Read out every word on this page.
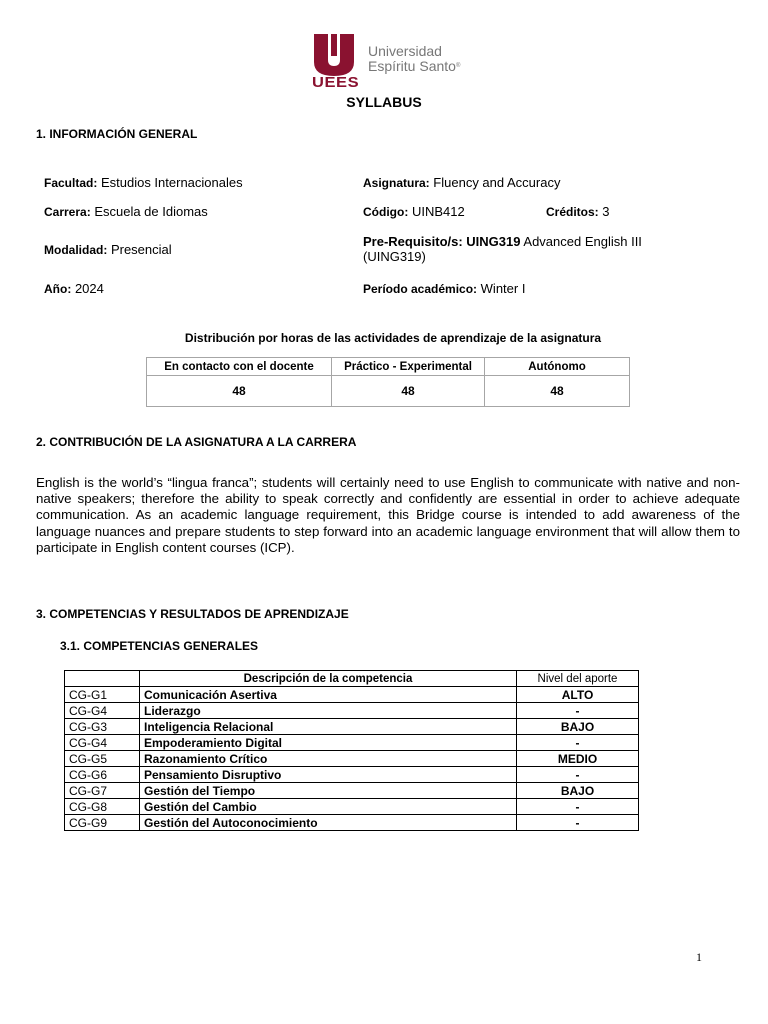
UEES
Universidad
Espíritu Santo®
SYLLABUS
1. INFORMACIÓN GENERAL
Facultad: Estudios Internacionales	Asignatura: Fluency and Accuracy
Carrera: Escuela de Idiomas	Código: UINB412	Créditos: 3
Modalidad: Presencial
Pre-Requisito/s: UING319 Advanced English III (UING319)
Año: 2024	Período académico: Winter I
Distribución por horas de las actividades de aprendizaje de la asignatura
En contacto con el docente	Práctico - Experimental	Autónomo
48	48	48
2. CONTRIBUCIÓN DE LA ASIGNATURA A LA CARRERA
English is the world’s “lingua franca”; students will certainly need to use English to communicate with native and non-native speakers; therefore the ability to speak correctly and confidently are essential in order to achieve adequate communication. As an academic language requirement, this Bridge course is intended to add awareness of the language nuances and prepare students to step forward into an academic language environment that will allow them to participate in English content courses (ICP).
3. COMPETENCIAS Y RESULTADOS DE APRENDIZAJE
3.1. COMPETENCIAS GENERALES
	Descripción de la competencia	Nivel del aporte
CG-G1	Comunicación Asertiva	ALTO
CG-G4	Liderazgo	-
CG-G3	Inteligencia Relacional	BAJO
CG-G4	Empoderamiento Digital	-
CG-G5	Razonamiento Crítico	MEDIO
CG-G6	Pensamiento Disruptivo	-
CG-G7	Gestión del Tiempo	BAJO
CG-G8	Gestión del Cambio	-
CG-G9	Gestión del Autoconocimiento	-
1
